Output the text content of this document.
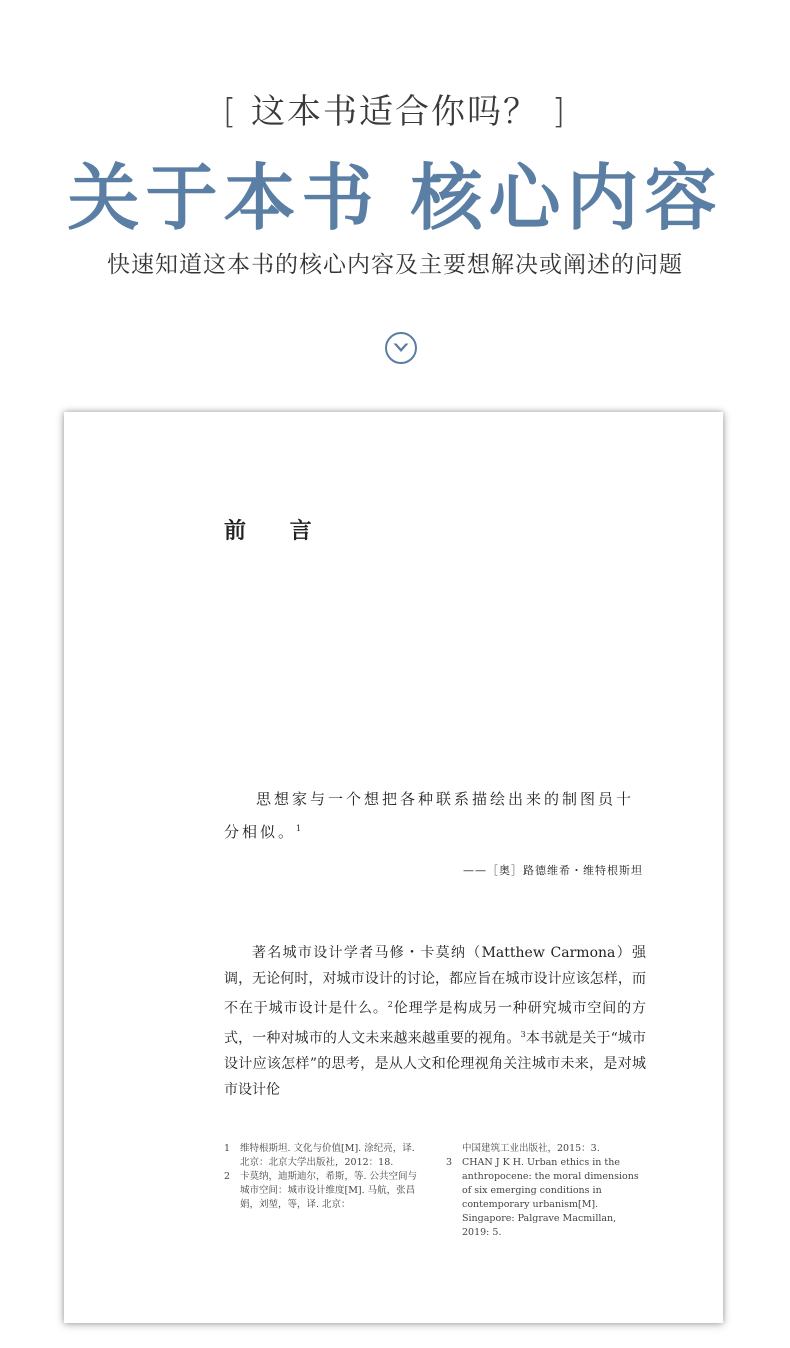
[ 这本书适合你吗？ ]
关于本书 核心内容
快速知道这本书的核心内容及主要想解决或阐述的问题
前 言
思想家与一个想把各种联系描绘出来的制图员十分相似。$^1$
——［奥］路德维希・维特根斯坦
著名城市设计学者马修・卡莫纳（Matthew Carmona）强调，无论何时，对城市设计的讨论，都应旨在城市设计应该怎样，而不在于城市设计是什么。$^2$伦理学是构成另一种研究城市空间的方式，一种对城市的人文未来越来越重要的视角。$^3$本书就是关于“城市设计应该怎样”的思考，是从人文和伦理视角关注城市未来，是对城市设计伦
1	维特根斯坦. 文化与价值[M]. 涂纪亮，译. 北京：北京大学出版社，2012：18.
2	卡莫纳，迪斯迪尔，希斯，等. 公共空间与城市空间：城市设计维度[M]. 马航，张昌娟，刘堃，等，译. 北京：
中国建筑工业出版社，2015：3.
3	CHAN J K H. Urban ethics in the anthropocene: the moral dimensions of six emerging conditions in contemporary urbanism[M]. Singapore: Palgrave Macmillan, 2019: 5.
